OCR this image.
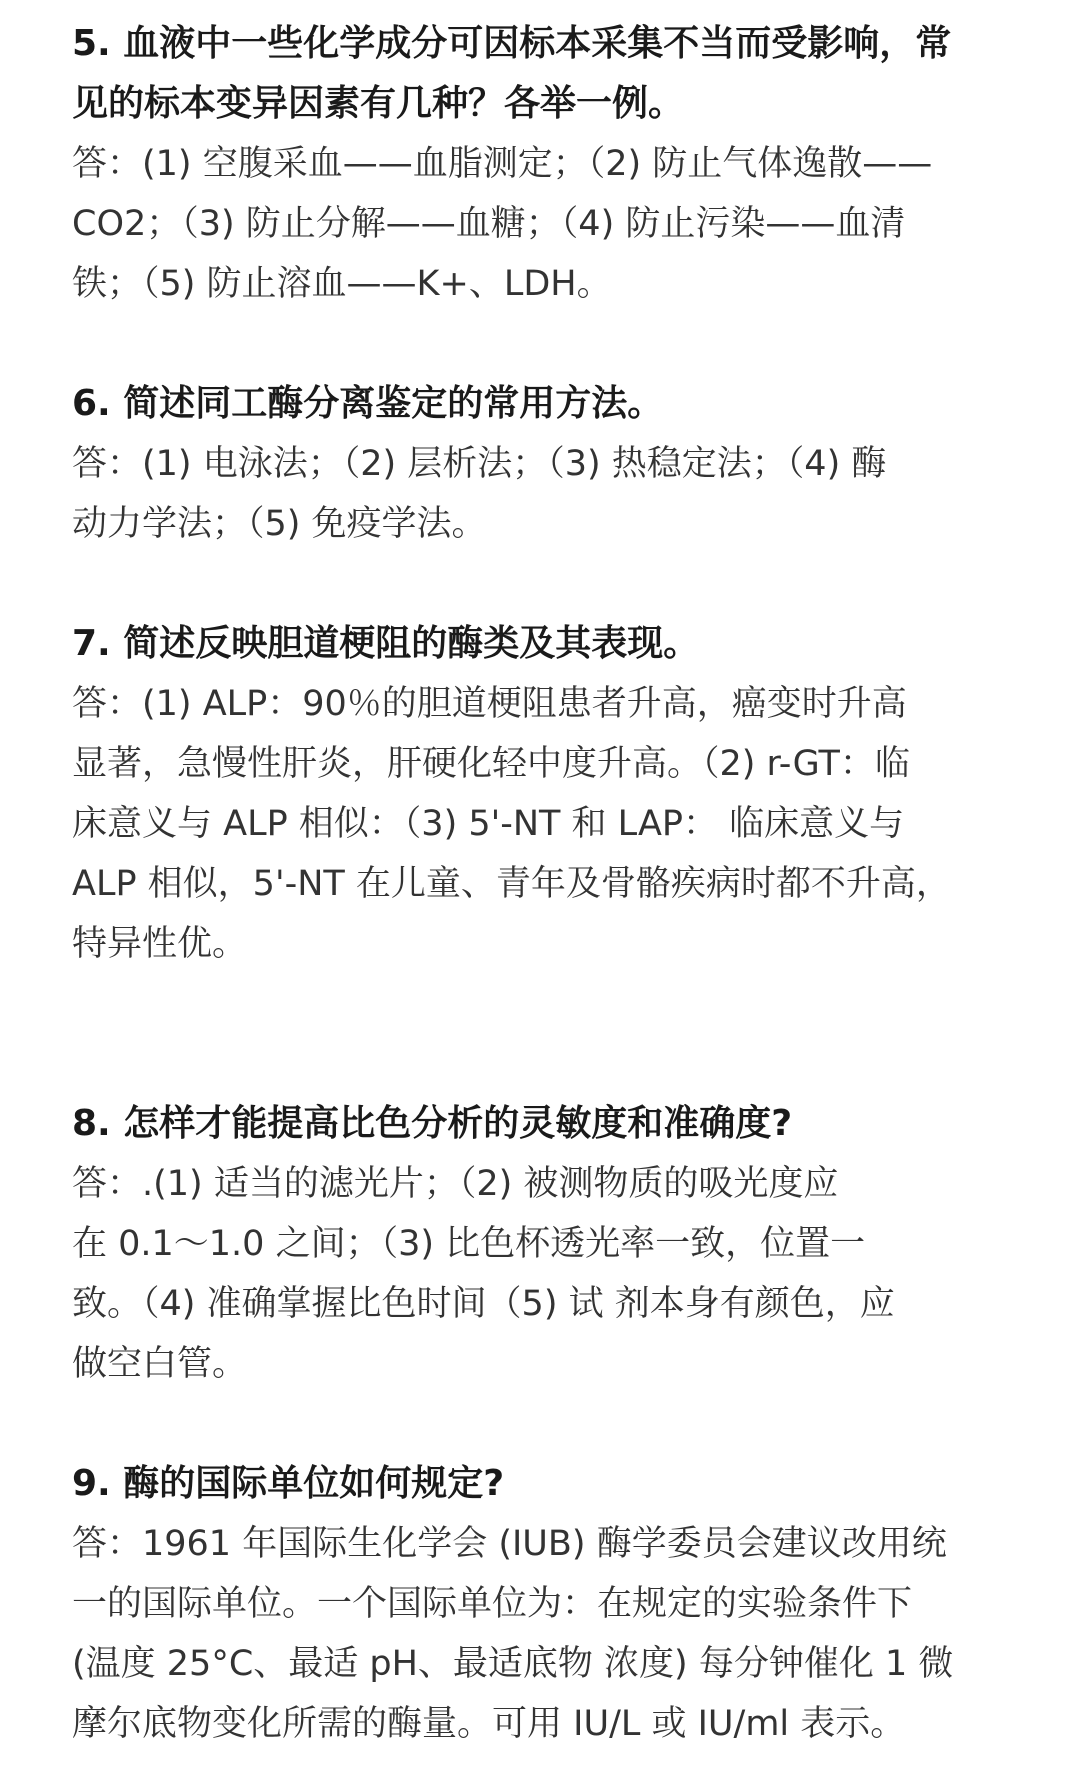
5. 血液中一些化学成分可因标本采集不当而受影响，常
见的标本变异因素有几种？各举一例。
答：(1) 空腹采血——血脂测定；（2) 防止气体逸散——
CO2；（3) 防止分解——血糖；（4) 防止污染——血清
铁；（5) 防止溶血——K+、LDH。
6. 简述同工酶分离鉴定的常用方法。
答：(1) 电泳法；（2) 层析法；（3) 热稳定法；（4) 酶
动力学法；（5) 免疫学法。
7. 简述反映胆道梗阻的酶类及其表现。
答：(1) ALP：90％的胆道梗阻患者升高，癌变时升高
显著，急慢性肝炎，肝硬化轻中度升高。（2) r-GT：临
床意义与 ALP 相似：（3) 5'-NT 和 LAP： 临床意义与
ALP 相似，5'-NT 在儿童、青年及骨骼疾病时都不升高，
特异性优。
8. 怎样才能提高比色分析的灵敏度和准确度?
答：.(1) 适当的滤光片；（2) 被测物质的吸光度应
在 0.1～1.0 之间；（3) 比色杯透光率一致，位置一
致。（4) 准确掌握比色时间（5) 试 剂本身有颜色，应
做空白管。
9. 酶的国际单位如何规定?
答：1961 年国际生化学会 (IUB) 酶学委员会建议改用统
一的国际单位。一个国际单位为：在规定的实验条件下
(温度 25°C、最适 pH、最适底物 浓度) 每分钟催化 1 微
摩尔底物变化所需的酶量。可用 IU/L 或 IU/ml 表示。
